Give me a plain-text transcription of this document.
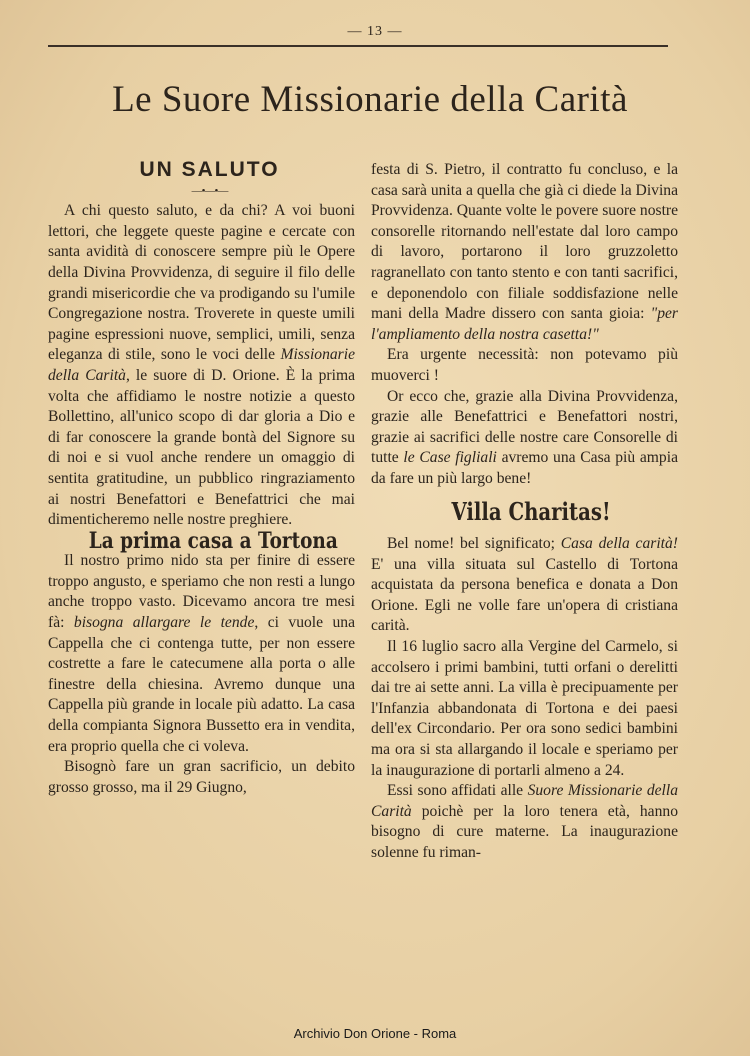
— 13 —
Le Suore Missionarie della Carità

UN SALUTO

—•—•—

A chi questo saluto, e da chi? A voi buoni lettori, che leggete queste pagine e cercate con santa avidità di conoscere sempre più le Opere della Divina Provvidenza, di seguire il filo delle grandi misericordie che va prodigando su l'umile Congregazione nostra. Troverete in queste umili pagine espressioni nuove, semplici, umili, senza eleganza di stile, sono le voci delle Missionarie della Carità, le suore di D. Orione. È la prima volta che affidiamo le nostre notizie a questo Bollettino, all'unico scopo di dar gloria a Dio e di far conoscere la grande bontà del Signore su di noi e si vuol anche rendere un omaggio di sentita gratitudine, un pubblico ringraziamento ai nostri Benefattori e Benefattrici che mai dimenticheremo nelle nostre preghiere.

La prima casa a Tortona

Il nostro primo nido sta per finire di essere troppo angusto, e speriamo che non resti a lungo anche troppo vasto. Dicevamo ancora tre mesi fà: bisogna allargare le tende, ci vuole una Cappella che ci contenga tutte, per non essere costrette a fare le catecumene alla porta o alle finestre della chiesina. Avremo dunque una Cappella più grande in locale più adatto. La casa della compianta Signora Bussetto era in vendita, era proprio quella che ci voleva.

Bisognò fare un gran sacrificio, un debito grosso grosso, ma il 29 Giugno,

festa di S. Pietro, il contratto fu concluso, e la casa sarà unita a quella che già ci diede la Divina Provvidenza. Quante volte le povere suore nostre consorelle ritornando nell'estate dal loro campo di lavoro, portarono il loro gruzzoletto ragranellato con tanto stento e con tanti sacrifici, e deponendolo con filiale soddisfazione nelle mani della Madre dissero con santa gioia: "per l'ampliamento della nostra casetta!"

Era urgente necessità: non potevamo più muoverci !

Or ecco che, grazie alla Divina Provvidenza, grazie alle Benefattrici e Benefattori nostri, grazie ai sacrifici delle nostre care Consorelle di tutte le Case figliali avremo una Casa più ampia da fare un più largo bene!

Villa Charitas!

Bel nome! bel significato; Casa della carità! E' una villa situata sul Castello di Tortona acquistata da persona benefica e donata a Don Orione. Egli ne volle fare un'opera di cristiana carità.

Il 16 luglio sacro alla Vergine del Carmelo, si accolsero i primi bambini, tutti orfani o derelitti dai tre ai sette anni. La villa è precipuamente per l'Infanzia abbandonata di Tortona e dei paesi dell'ex Circondario. Per ora sono sedici bambini ma ora si sta allargando il locale e speriamo per la inaugurazione di portarli almeno a 24.

Essi sono affidati alle Suore Missionarie della Carità poichè per la loro tenera età, hanno bisogno di cure materne. La inaugurazione solenne fu riman-

Archivio Don Orione - Roma
